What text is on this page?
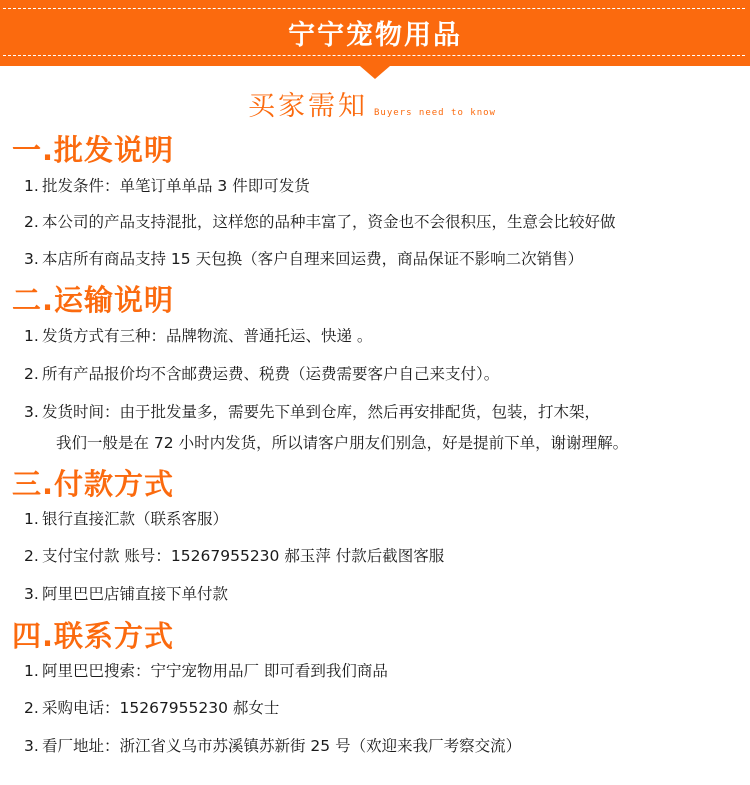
宁宁宠物用品
买家需知 Buyers need to know
一.批发说明
1. 批发条件：单笔订单单品 3 件即可发货
2. 本公司的产品支持混批，这样您的品种丰富了，资金也不会很积压，生意会比较好做
3. 本店所有商品支持 15 天包换（客户自理来回运费，商品保证不影响二次销售）
二.运输说明
1. 发货方式有三种：品牌物流、普通托运、快递 。
2. 所有产品报价均不含邮费运费、税费（运费需要客户自己来支付）。
3. 发货时间：由于批发量多，需要先下单到仓库，然后再安排配货，包装，打木架，
我们一般是在 72 小时内发货，所以请客户朋友们别急，好是提前下单，谢谢理解。
三.付款方式
1. 银行直接汇款（联系客服）
2. 支付宝付款 账号：15267955230 郝玉萍 付款后截图客服
3. 阿里巴巴店铺直接下单付款
四.联系方式
1. 阿里巴巴搜索：宁宁宠物用品厂 即可看到我们商品
2. 采购电话：15267955230 郝女士
3. 看厂地址：浙江省义乌市苏溪镇苏新街 25 号（欢迎来我厂考察交流）
